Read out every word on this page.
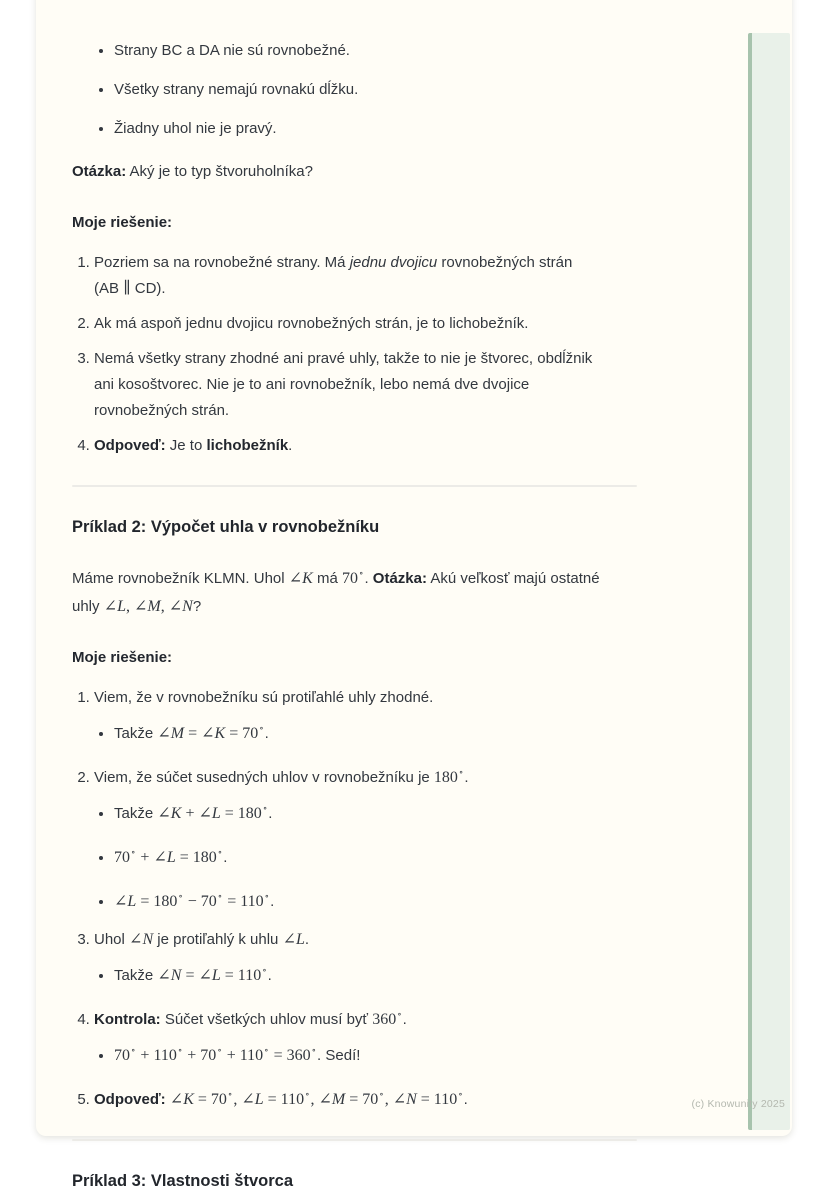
• Strany BC a DA nie sú rovnobežné.
• Všetky strany nemajú rovnakú dĺžku.
• Žiadny uhol nie je pravý.

Otázka: Aký je to typ štvoruholníka?

Moje riešenie:

1. Pozriem sa na rovnobežné strany. Má jednu dvojicu rovnobežných strán
(AB ∥ CD).
2. Ak má aspoň jednu dvojicu rovnobežných strán, je to lichobežník.
3. Nemá všetky strany zhodné ani pravé uhly, takže to nie je štvorec, obdĺžnik
ani kosoštvorec. Nie je to ani rovnobežník, lebo nemá dve dvojice
rovnobežných strán.
4. Odpoveď: Je to lichobežník.
Príklad 2: Výpočet uhla v rovnobežníku

Máme rovnobežník KLMN. Uhol ∠K má 70∘. Otázka: Akú veľkosť majú ostatné
uhly ∠L, ∠M, ∠N?

Moje riešenie:

1. Viem, že v rovnobežníku sú protiľahlé uhly zhodné.
• Takže ∠M = ∠K = 70∘.
2. Viem, že súčet susedných uhlov v rovnobežníku je 180∘.
• Takže ∠K + ∠L = 180∘.
• 70∘ + ∠L = 180∘.
• ∠L = 180∘ − 70∘ = 110∘.
3. Uhol ∠N je protiľahlý k uhlu ∠L.
• Takže ∠N = ∠L = 110∘.
4. Kontrola: Súčet všetkých uhlov musí byť 360∘.
• 70∘ + 110∘ + 70∘ + 110∘ = 360∘. Sedí!
5. Odpoveď: ∠K = 70∘, ∠L = 110∘, ∠M = 70∘, ∠N = 110∘.
Príklad 3: Vlastnosti štvorca
(c) Knowunity 2025
